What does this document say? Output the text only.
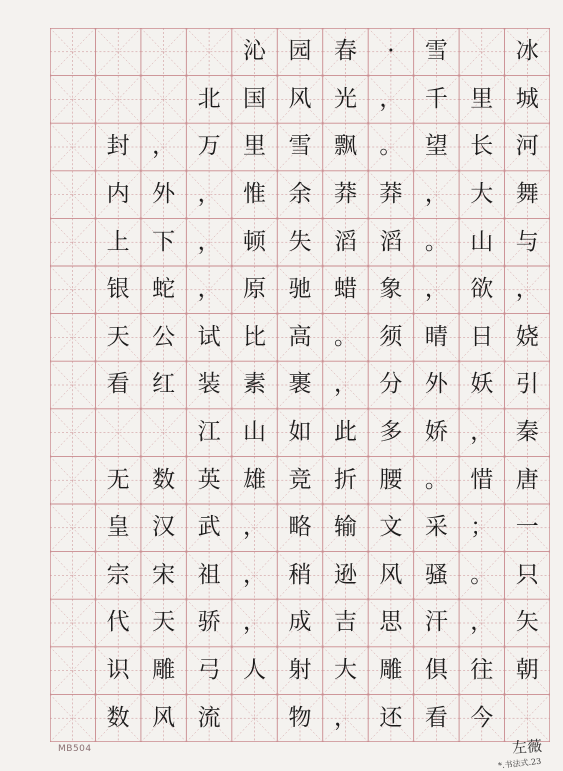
冰
城
河
舞
与
，
娆
引
秦
唐
一
只
矢
朝
里
长
大
山
欲
日
妖
，
惜
；
。
，
往
今
雪
千
望
，
。
，
晴
外
娇
。
采
骚
汗
俱
看
·
，
。
莽
滔
象
须
分
多
腰
文
风
思
雕
还
春
光
飘
莽
滔
蜡
。
，
此
折
输
逊
吉
大
，
园
风
雪
余
失
驰
高
裹
如
竞
略
稍
成
射
物
沁
国
里
惟
顿
原
比
素
山
雄
，
，
，
人
北
万
，
，
，
试
装
江
英
武
祖
骄
弓
流
，
外
下
蛇
公
红
数
汉
宋
天
雕
风
封
内
上
银
天
看
无
皇
宗
代
识
数
MB504	左薇
*.书法式.23
